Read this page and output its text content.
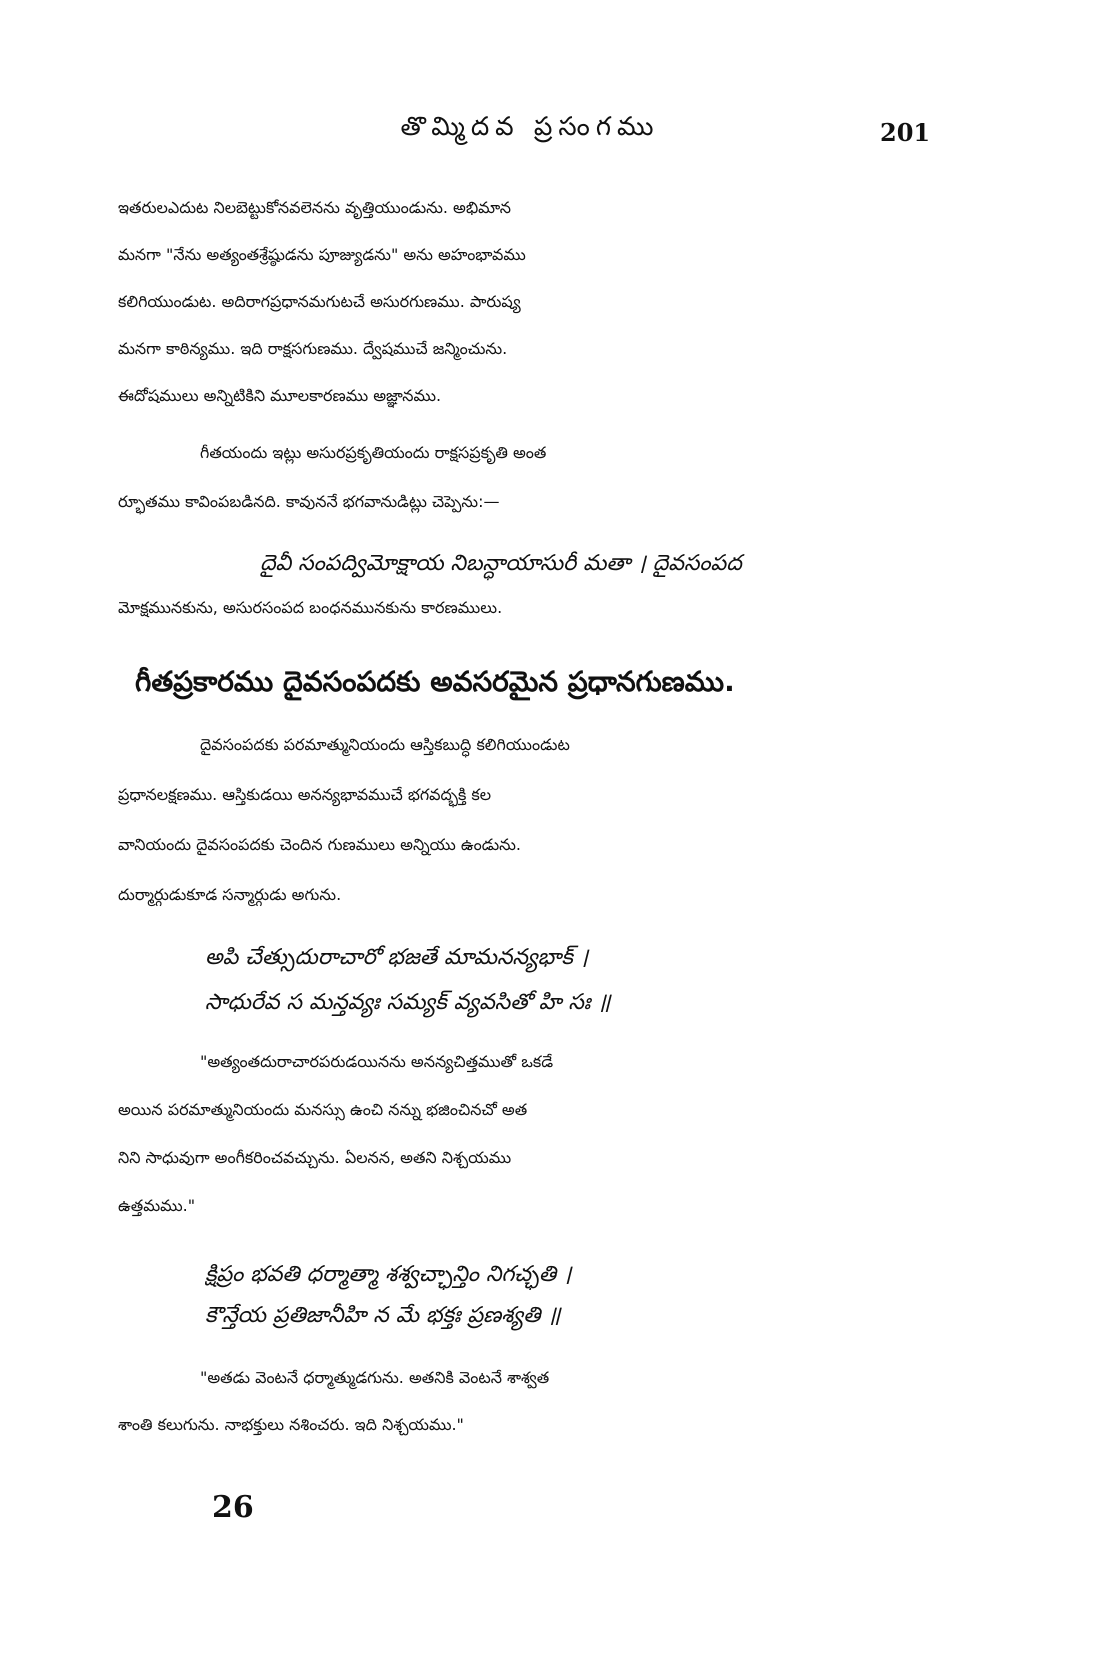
తొమ్మిదవ ప్రసంగము	201
ఇతరులఎదుట నిలబెట్టుకోనవలెనను వృత్తియుండును. అభిమాన
మనగా "నేను అత్యంతశ్రేష్ఠుడను పూజ్యుడను" అను అహంభావము
కలిగియుండుట. అదిరాగప్రధానమగుటచే అసురగుణము. పారుష్య
మనగా కాఠిన్యము. ఇది రాక్షసగుణము. ద్వేషముచే జన్మించును.
ఈదోషములు అన్నిటికిని మూలకారణము అజ్ఞానము.
గీతయందు ఇట్లు అసురప్రకృతియందు రాక్షసప్రకృతి అంత
ర్భూతము కావింపబడినది. కావుననే భగవానుడిట్లు చెప్పెను:—
దైవీ సంపద్విమోక్షాయ నిబన్ధాయాసురీ మతా । దైవసంపద
మోక్షమునకును, అసురసంపద బంధనమునకును కారణములు.
గీతప్రకారము దైవసంపదకు అవసరమైన ప్రధానగుణము.
దైవసంపదకు పరమాత్మునియందు ఆస్తికబుద్ధి కలిగియుండుట
ప్రధానలక్షణము. ఆస్తికుడయి అనన్యభావముచే భగవద్భక్తి కల
వానియందు దైవసంపదకు చెందిన గుణములు అన్నియు ఉండును.
దుర్మార్గుడుకూడ సన్మార్గుడు అగును.
అపి చేత్సుదురాచారో భజతే మామనన్యభాక్ ।
సాధురేవ స మన్తవ్యః సమ్యక్ వ్యవసితో హి సః ॥
"అత్యంతదురాచారపరుడయినను అనన్యచిత్తముతో ఒకడే
అయిన పరమాత్మునియందు మనస్సు ఉంచి నన్ను భజించినచో అత
నిని సాధువుగా అంగీకరించవచ్చును. ఏలనన, అతని నిశ్చయము
ఉత్తమము."
క్షిప్రం భవతి ధర్మాత్మా శశ్వచ్ఛాన్తిం నిగచ్ఛతి ।
కౌన్తేయ ప్రతిజానీహి న మే భక్తః ప్రణశ్యతి ॥
"అతడు వెంటనే ధర్మాత్ముడగును. అతనికి వెంటనే శాశ్వత
శాంతి కలుగును. నాభక్తులు నశించరు. ఇది నిశ్చయము."
26
